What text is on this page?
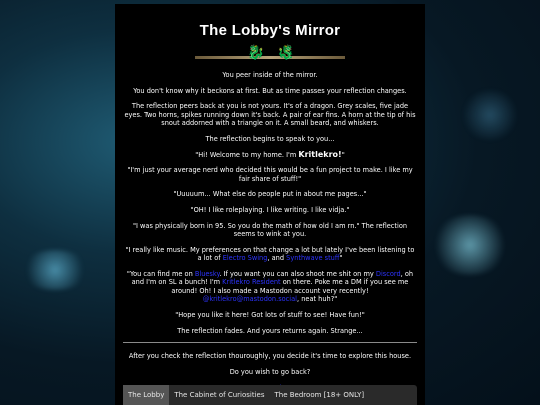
The Lobby's Mirror
🐉 🐉

You peer inside of the mirror.

You don't know why it beckons at first. But as time passes your reflection changes.

The reflection peers back at you is not yours. It's of a dragon. Grey scales, five jade eyes. Two horns, spikes running down it's back. A pair of ear fins. A horn at the tip of his snout addorned with a triangle on it. A small beard, and whiskers.

The reflection begins to speak to you...

"Hi! Welcome to my home. I'm Kritlekro!"

"I'm just your average nerd who decided this would be a fun project to make. I like my fair share of stuff!"

"Uuuuum... What else do people put in about me pages..."

"OH! I like roleplaying. I like writing. I like vidja."

"I was physically born in 95. So you do the math of how old I am rn." The reflection seems to wink at you.

"I really like music. My preferences on that change a lot but lately I've been listening to a lot of Electro Swing, and Synthwave stuff"

"You can find me on Bluesky. If you want you can also shoot me shit on my Discord, oh and I'm on SL a bunch! I'm Kritlekro Resident on there. Poke me a DM if you see me around! Oh! I also made a Mastodon account very recently! @kritlekro@mastodon.social, neat huh?"

"Hope you like it here! Got lots of stuff to see! Have fun!"

The reflection fades. And yours returns again. Strange...

After you check the reflection thouroughly, you decide it's time to explore this house.

Do you wish to go back?

The Lobby	The Cabinet of Curiosities	The Bedroom [18+ ONLY]
